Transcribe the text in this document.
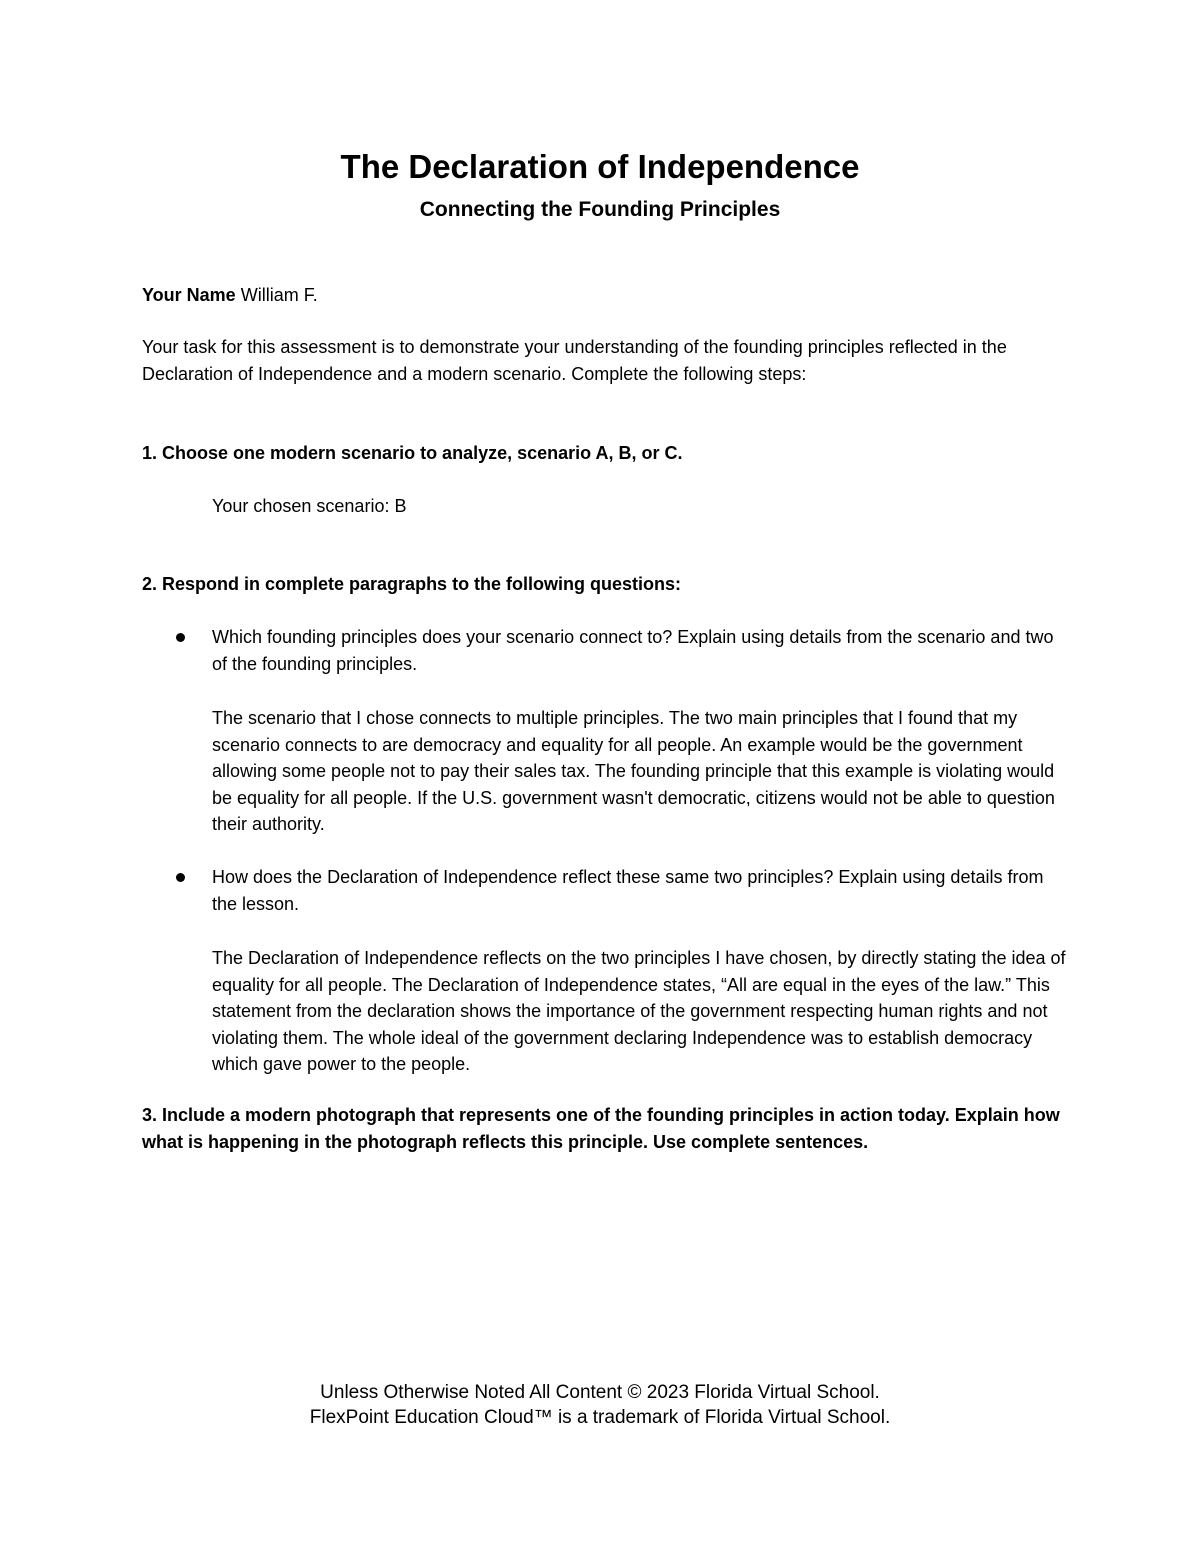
The Declaration of Independence
Connecting the Founding Principles
Your Name William F.

Your task for this assessment is to demonstrate your understanding of the founding principles reflected in the Declaration of Independence and a modern scenario. Complete the following steps:

1. Choose one modern scenario to analyze, scenario A, B, or C.

Your chosen scenario: B

2. Respond in complete paragraphs to the following questions:

Which founding principles does your scenario connect to? Explain using details from the scenario and two of the founding principles.

The scenario that I chose connects to multiple principles. The two main principles that I found that my scenario connects to are democracy and equality for all people. An example would be the government allowing some people not to pay their sales tax. The founding principle that this example is violating would be equality for all people. If the U.S. government wasn't democratic, citizens would not be able to question their authority.

How does the Declaration of Independence reflect these same two principles? Explain using details from the lesson.

The Declaration of Independence reflects on the two principles I have chosen, by directly stating the idea of equality for all people. The Declaration of Independence states, “All are equal in the eyes of the law.” This statement from the declaration shows the importance of the government respecting human rights and not violating them. The whole ideal of the government declaring Independence was to establish democracy which gave power to the people.

3. Include a modern photograph that represents one of the founding principles in action today. Explain how what is happening in the photograph reflects this principle. Use complete sentences.

Unless Otherwise Noted All Content © 2023 Florida Virtual School.
FlexPoint Education Cloud™ is a trademark of Florida Virtual School.
